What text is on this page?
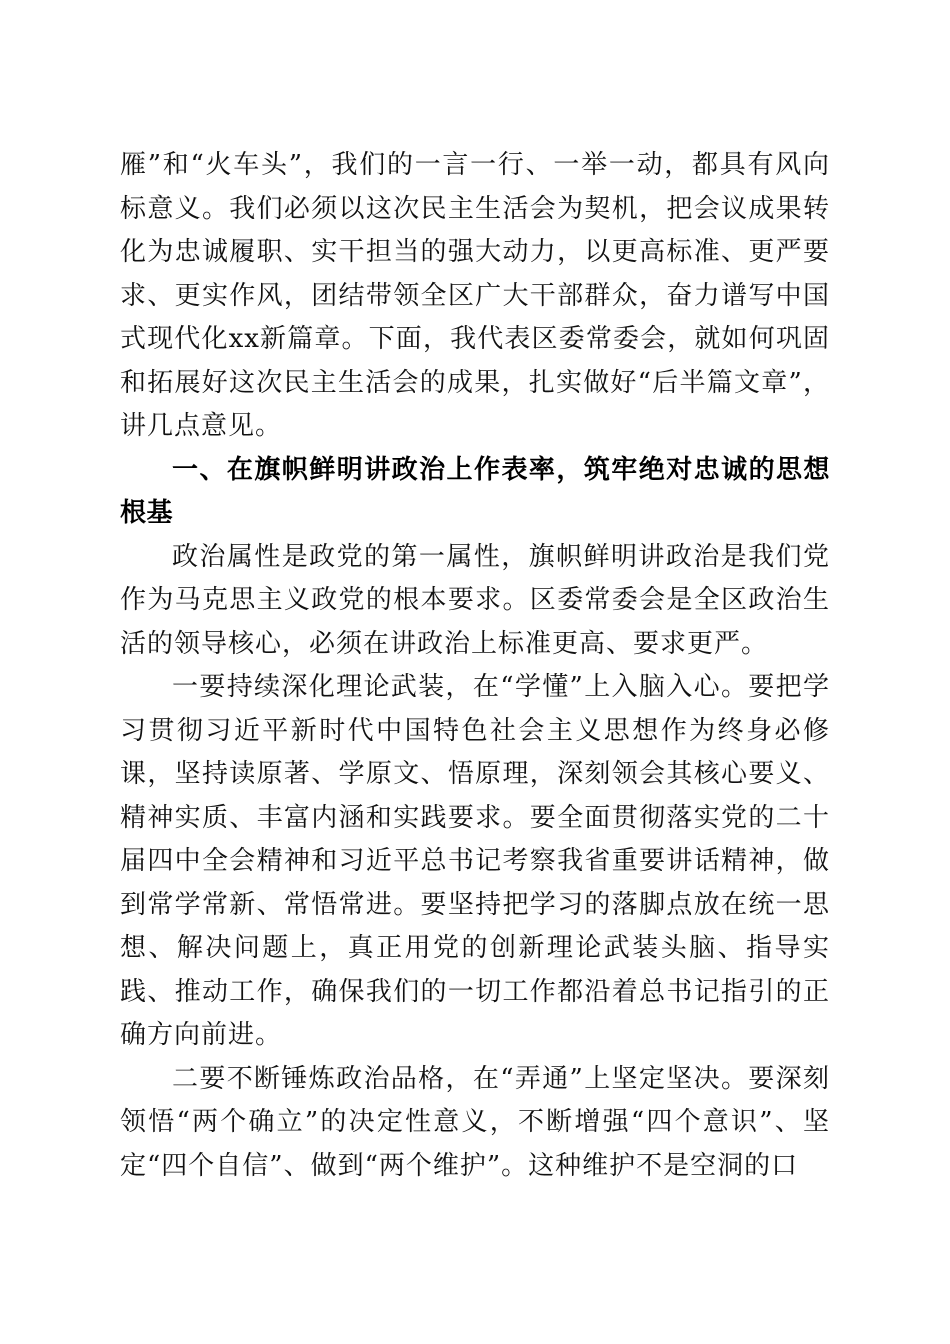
雁”和“火车头”，我们的一言一行、一举一动，都具有风向标意义。我们必须以这次民主生活会为契机，把会议成果转化为忠诚履职、实干担当的强大动力，以更高标准、更严要求、更实作风，团结带领全区广大干部群众，奋力谱写中国式现代化xx新篇章。下面，我代表区委常委会，就如何巩固和拓展好这次民主生活会的成果，扎实做好“后半篇文章”，讲几点意见。

一、在旗帜鲜明讲政治上作表率，筑牢绝对忠诚的思想根基

政治属性是政党的第一属性，旗帜鲜明讲政治是我们党作为马克思主义政党的根本要求。区委常委会是全区政治生活的领导核心，必须在讲政治上标准更高、要求更严。

一要持续深化理论武装，在“学懂”上入脑入心。要把学习贯彻习近平新时代中国特色社会主义思想作为终身必修课，坚持读原著、学原文、悟原理，深刻领会其核心要义、精神实质、丰富内涵和实践要求。要全面贯彻落实党的二十届四中全会精神和习近平总书记考察我省重要讲话精神，做到常学常新、常悟常进。要坚持把学习的落脚点放在统一思想、解决问题上，真正用党的创新理论武装头脑、指导实践、推动工作，确保我们的一切工作都沿着总书记指引的正确方向前进。

二要不断锤炼政治品格，在“弄通”上坚定坚决。要深刻领悟“两个确立”的决定性意义，不断增强“四个意识”、坚定“四个自信”、做到“两个维护”。这种维护不是空洞的口
